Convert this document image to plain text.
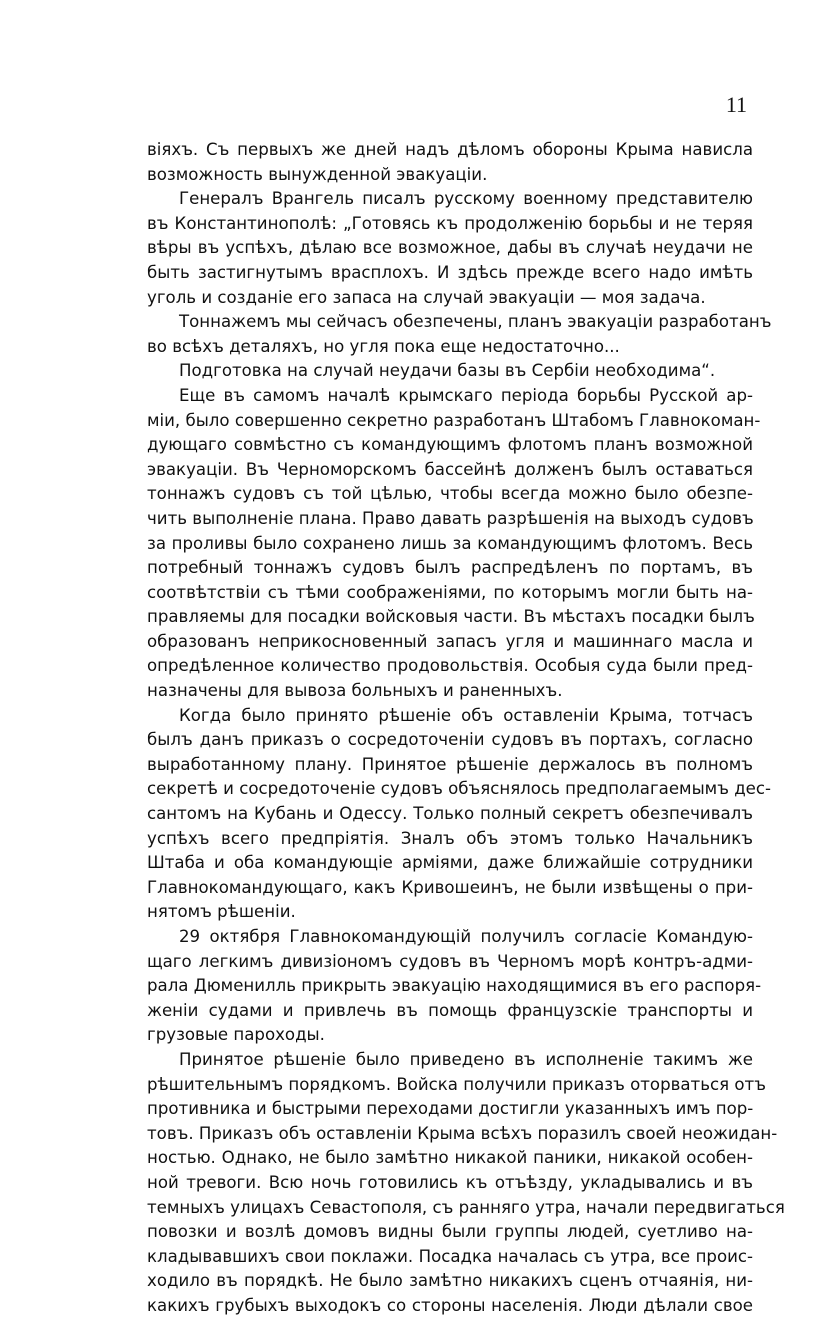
11

віяхъ. Съ первыхъ же дней надъ дѣломъ обороны Крыма нависла
возможность вынужденной эвакуаціи.

Генералъ Врангель писалъ русскому военному представителю
въ Константинополѣ: „Готовясь къ продолженію борьбы и не теряя
вѣры въ успѣхъ, дѣлаю все возможное, дабы въ случаѣ неудачи не
быть застигнутымъ врасплохъ. И здѣсь прежде всего надо имѣть
уголь и созданіе его запаса на случай эвакуаціи — моя задача.

Тоннажемъ мы сейчасъ обезпечены, планъ эвакуаціи разработанъ
во всѣхъ деталяхъ, но угля пока еще недостаточно...

Подготовка на случай неудачи базы въ Сербіи необходима“.

Еще въ самомъ началѣ крымскаго періода борьбы Русской ар-
міи, было совершенно секретно разработанъ Штабомъ Главнокоман-
дующаго совмѣстно съ командующимъ флотомъ планъ возможной
эвакуаціи. Въ Черноморскомъ бассейнѣ долженъ былъ оставаться
тоннажъ судовъ съ той цѣлью, чтобы всегда можно было обезпе-
чить выполненіе плана. Право давать разрѣшенія на выходъ судовъ
за проливы было сохранено лишь за командующимъ флотомъ. Весь
потребный тоннажъ судовъ былъ распредѣленъ по портамъ, въ
соотвѣтствіи съ тѣми соображеніями, по которымъ могли быть на-
правляемы для посадки войсковыя части. Въ мѣстахъ посадки былъ
образованъ неприкосновенный запасъ угля и машиннаго масла и
опредѣленное количество продовольствія. Особыя суда были пред-
назначены для вывоза больныхъ и раненныхъ.

Когда было принято рѣшеніе объ оставленіи Крыма, тотчасъ
былъ данъ приказъ о сосредоточеніи судовъ въ портахъ, согласно
выработанному плану. Принятое рѣшеніе держалось въ полномъ
секретѣ и сосредоточеніе судовъ объяснялось предполагаемымъ дес-
сантомъ на Кубань и Одессу. Только полный секретъ обезпечивалъ
успѣхъ всего предпріятія. Зналъ объ этомъ только Начальникъ
Штаба и оба командующіе арміями, даже ближайшіе сотрудники
Главнокомандующаго, какъ Кривошеинъ, не были извѣщены о при-
нятомъ рѣшеніи.

29 октября Главнокомандующій получилъ согласіе Командую-
щаго легкимъ дивизіономъ судовъ въ Черномъ морѣ контръ-адми-
рала Дюменилль прикрыть эвакуацію находящимися въ его распоря-
женіи судами и привлечь въ помощь французскіе транспорты и
грузовые пароходы.

Принятое рѣшеніе было приведено въ исполненіе такимъ же
рѣшительнымъ порядкомъ. Войска получили приказъ оторваться отъ
противника и быстрыми переходами достигли указанныхъ имъ пор-
товъ. Приказъ объ оставленіи Крыма всѣхъ поразилъ своей неожидан-
ностью. Однако, не было замѣтно никакой паники, никакой особен-
ной тревоги. Всю ночь готовились къ отъѣзду, укладывались и въ
темныхъ улицахъ Севастополя, съ ранняго утра, начали передвигаться
повозки и возлѣ домовъ видны были группы людей, суетливо на-
кладывавшихъ свои поклажи. Посадка началась съ утра, все проис-
ходило въ порядкѣ. Не было замѣтно никакихъ сценъ отчаянія, ни-
какихъ грубыхъ выходокъ со стороны населенія. Люди дѣлали свое
